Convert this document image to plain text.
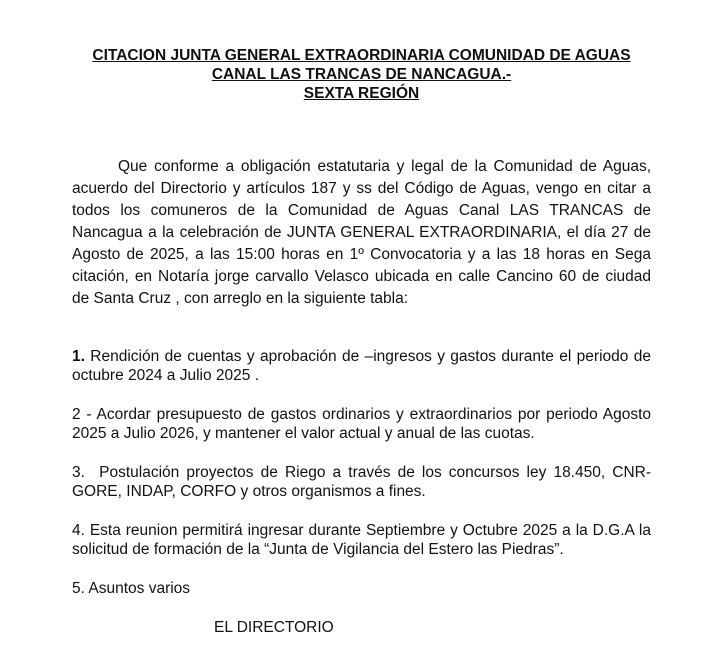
CITACION JUNTA GENERAL EXTRAORDINARIA COMUNIDAD DE AGUAS
CANAL LAS TRANCAS DE NANCAGUA.-
SEXTA REGIÓN

Que conforme a obligación estatutaria y legal de la Comunidad de Aguas, acuerdo del Directorio y artículos 187 y ss del Código de Aguas, vengo en citar a todos los comuneros de la Comunidad de Aguas Canal LAS TRANCAS de Nancagua a la celebración de JUNTA GENERAL EXTRAORDINARIA, el día 27 de Agosto de 2025, a las 15:00 horas en 1º Convocatoria y a las 18 horas en Sega citación, en Notaría jorge carvallo Velasco ubicada en calle Cancino 60 de ciudad de Santa Cruz , con arreglo en la siguiente tabla:

1. Rendición de cuentas y aprobación de –ingresos y gastos durante el periodo de octubre 2024 a Julio 2025 .
2 - Acordar presupuesto de gastos ordinarios y extraordinarios por periodo Agosto 2025 a Julio 2026, y mantener el valor actual y anual de las cuotas.
3.  Postulación proyectos de Riego a través de los concursos ley 18.450, CNR-GORE, INDAP, CORFO y otros organismos a fines.
4. Esta reunion permitirá ingresar durante Septiembre y Octubre 2025 a la D.G.A la solicitud de formación de la “Junta de Vigilancia del Estero las Piedras”.
5. Asuntos varios
EL DIRECTORIO
